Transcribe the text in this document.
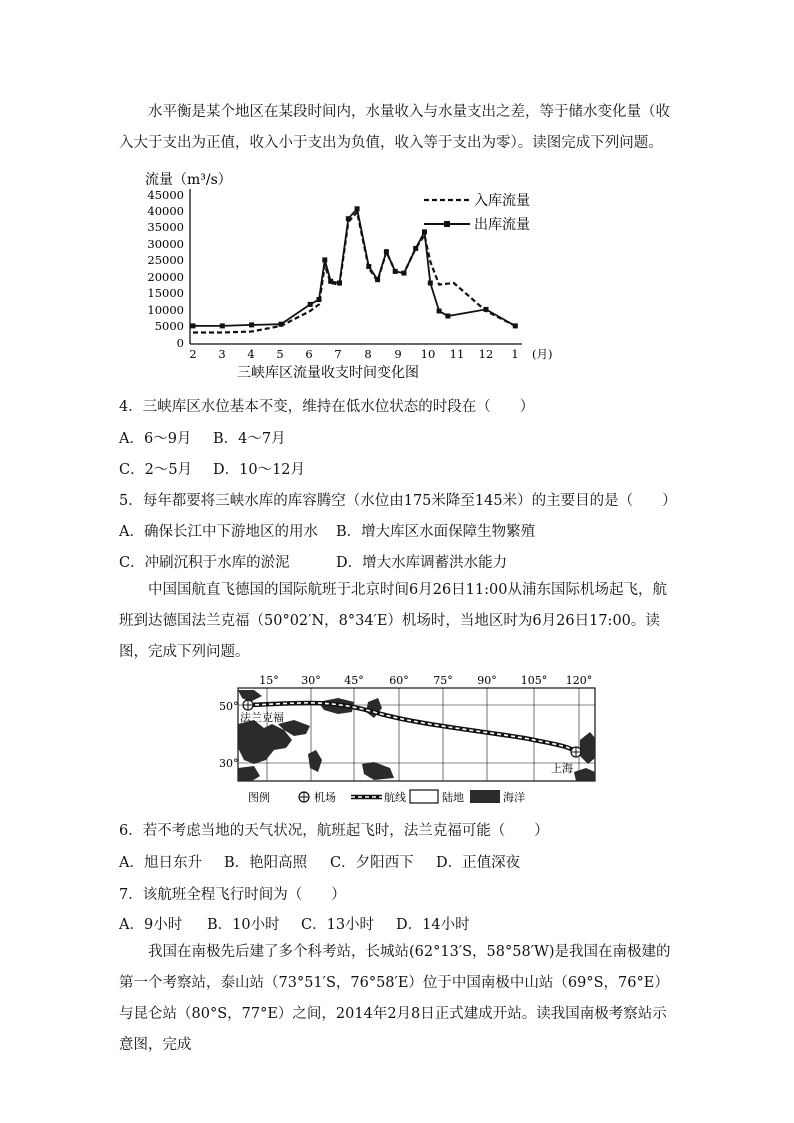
水平衡是某个地区在某段时间内，水量收入与水量支出之差，等于储水变化量（收入大于支出为正值，收入小于支出为负值，收入等于支出为零）。读图完成下列问题。
流量（m³/s）
45000
40000
35000
30000
25000
20000
15000
10000
5000
0
2 3 4 5 6 7 8 9 10 11 12 1 (月)
入库流量
出库流量
三峡库区流量收支时间变化图
4．三峡库区水位基本不变，维持在低水位状态的时段在（　　）
A．6～9月 B．4～7月
C．2～5月 D．10～12月
5．每年都要将三峡水库的库容腾空（水位由175米降至145米）的主要目的是（　　）
A．确保长江中下游地区的用水 B．增大库区水面保障生物繁殖
C．冲刷沉积于水库的淤泥	D．增大水库调蓄洪水能力
中国国航直飞德国的国际航班于北京时间6月26日11:00从浦东国际机场起飞，航班到达德国法兰克福（50°02′N，8°34′E）机场时，当地区时为6月26日17:00。读图，完成下列问题。
15° 30° 45° 60° 75° 90° 105° 120°
50°
30°
法兰克福
上海
图例	机场	航线	陆地	海洋
6．若不考虑当地的天气状况，航班起飞时，法兰克福可能（　　）
A．旭日东升 B．艳阳高照 C．夕阳西下 D．正值深夜
7．该航班全程飞行时间为（　　）
A．9小时 B．10小时 C．13小时 D．14小时
我国在南极先后建了多个科考站，长城站(62°13′S，58°58′W)是我国在南极建的第一个考察站，泰山站（73°51′S，76°58′E）位于中国南极中山站（69°S，76°E）与昆仑站（80°S，77°E）之间，2014年2月8日正式建成开站。读我国南极考察站示意图，完成
